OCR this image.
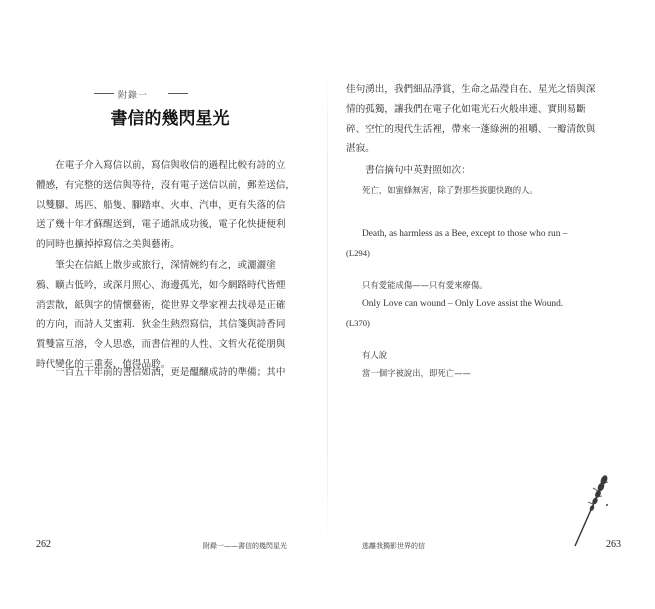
附錄一
書信的幾閃星光
　　在電子介入寫信以前，寫信與收信的過程比較有詩的立
體感，有完整的送信與等待，沒有電子送信以前，郵差送信，
以雙腳、馬匹、船隻、腳踏車、火車、汽車，更有失落的信
送了幾十年才蘇醒送到，電子通訊成功後，電子化快捷便利
的同時也擴掉掉寫信之美與藝術。
　　筆尖在信紙上散步或旅行，深情婉約有之，或灑灑塗
鴉、曠古低吟，或深月照心、海邊孤光，如今網路時代皆煙
消雲散，紙與字的情懷藝術，從世界文學家裡去找尋是正確
的方向，而詩人艾蜜莉．狄金生熱烈寫信，其信箋與詩香同
質雙富互溶，令人思惑，而書信裡的人性、文哲火花從朋與
時代變化的三重奏，值得品聆。
　　一百五十年前的書信如酒，更是醞釀成詩的準備；其中
262	附錄一——書信的幾閃星光
佳句湧出，我們細品淨賞，生命之晶瀅自在、星光之悟與深
情的孤獨，讓我們在電子化如電光石火般串連、實則易斷
碎、空忙的現代生活裡，帶來一蓬綠洲的祖嚼、一瓣清飲與
湛寂。
　　書信摘句中英對照如次：
死亡，如蜜蜂無害，除了對那些拔腿快跑的人。
Death, as harmless as a Bee, except to those who run –
(L294)
只有愛能成傷——只有愛來療傷。
Only Love can wound – Only Love assist the Wound.
(L370)
有人說
當一個字被說出，即死亡——
逃離我獨影世界的信	263
